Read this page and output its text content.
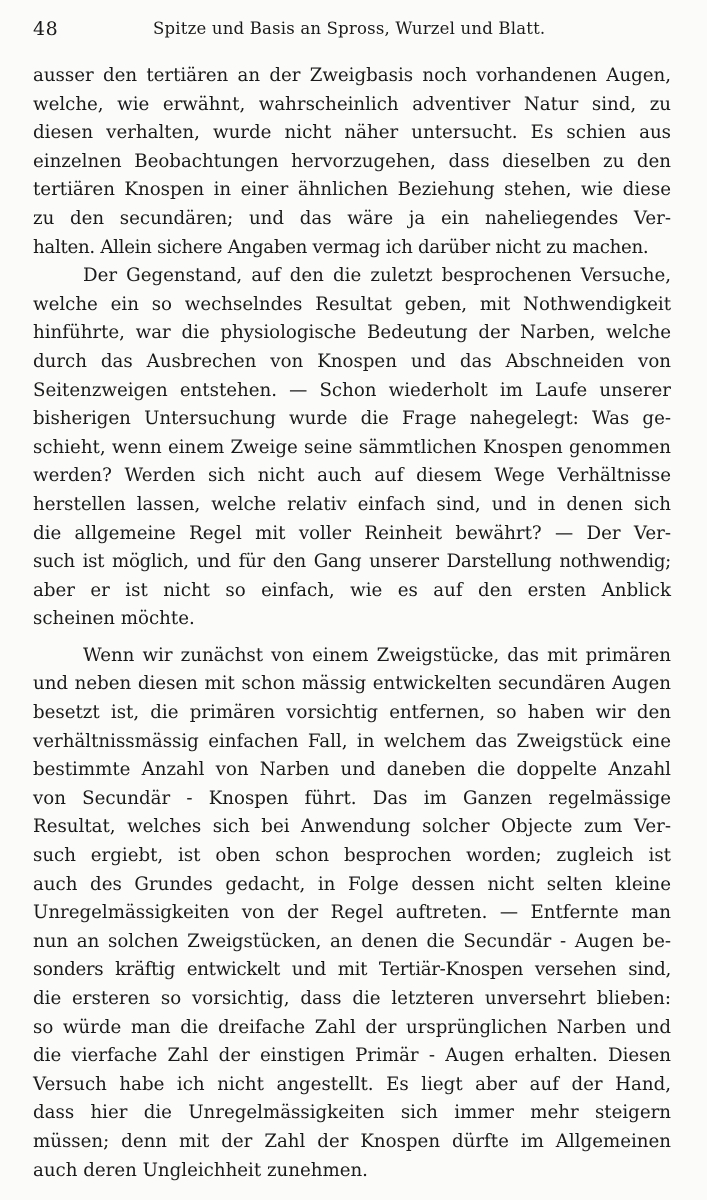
48	Spitze und Basis an Spross, Wurzel und Blatt.
ausser den tertiären an der Zweigbasis noch vorhandenen Augen,
welche, wie erwähnt, wahrscheinlich adventiver Natur sind, zu
diesen verhalten, wurde nicht näher untersucht. Es schien aus
einzelnen Beobachtungen hervorzugehen, dass dieselben zu den
tertiären Knospen in einer ähnlichen Beziehung stehen, wie diese
zu den secundären; und das wäre ja ein naheliegendes Ver-
halten. Allein sichere Angaben vermag ich darüber nicht zu machen.
Der Gegenstand, auf den die zuletzt besprochenen Versuche,
welche ein so wechselndes Resultat geben, mit Nothwendigkeit
hinführte, war die physiologische Bedeutung der Narben, welche
durch das Ausbrechen von Knospen und das Abschneiden von
Seitenzweigen entstehen. — Schon wiederholt im Laufe unserer
bisherigen Untersuchung wurde die Frage nahegelegt: Was ge-
schieht, wenn einem Zweige seine sämmtlichen Knospen genommen
werden? Werden sich nicht auch auf diesem Wege Verhältnisse
herstellen lassen, welche relativ einfach sind, und in denen sich
die allgemeine Regel mit voller Reinheit bewährt? — Der Ver-
such ist möglich, und für den Gang unserer Darstellung nothwendig;
aber er ist nicht so einfach, wie es auf den ersten Anblick
scheinen möchte.
Wenn wir zunächst von einem Zweigstücke, das mit primären
und neben diesen mit schon mässig entwickelten secundären Augen
besetzt ist, die primären vorsichtig entfernen, so haben wir den
verhältnissmässig einfachen Fall, in welchem das Zweigstück eine
bestimmte Anzahl von Narben und daneben die doppelte Anzahl
von Secundär - Knospen führt. Das im Ganzen regelmässige
Resultat, welches sich bei Anwendung solcher Objecte zum Ver-
such ergiebt, ist oben schon besprochen worden; zugleich ist
auch des Grundes gedacht, in Folge dessen nicht selten kleine
Unregelmässigkeiten von der Regel auftreten. — Entfernte man
nun an solchen Zweigstücken, an denen die Secundär - Augen be-
sonders kräftig entwickelt und mit Tertiär-Knospen versehen sind,
die ersteren so vorsichtig, dass die letzteren unversehrt blieben:
so würde man die dreifache Zahl der ursprünglichen Narben und
die vierfache Zahl der einstigen Primär - Augen erhalten. Diesen
Versuch habe ich nicht angestellt. Es liegt aber auf der Hand,
dass hier die Unregelmässigkeiten sich immer mehr steigern
müssen; denn mit der Zahl der Knospen dürfte im Allgemeinen
auch deren Ungleichheit zunehmen.
